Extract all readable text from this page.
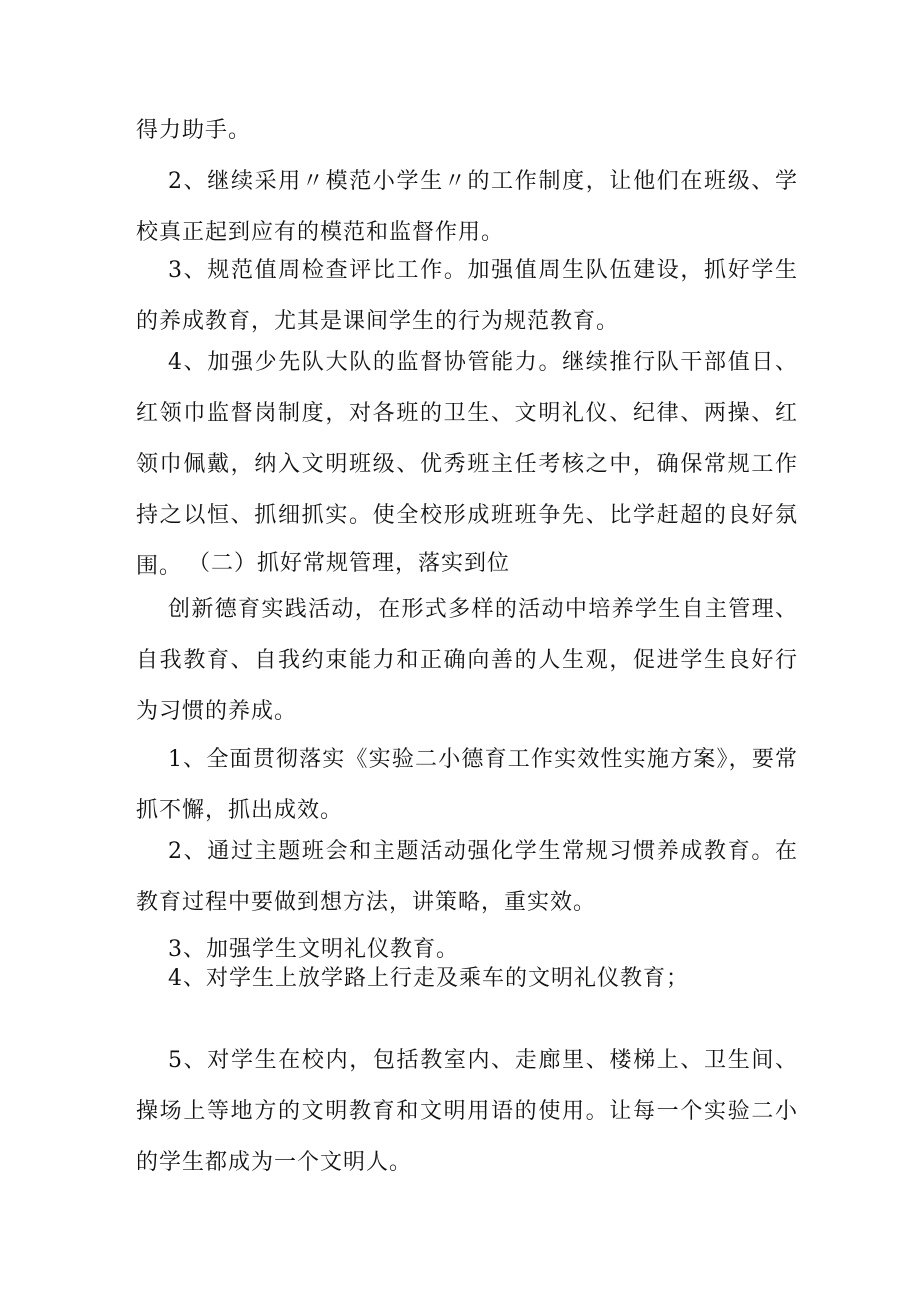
得力助手。

2、继续采用〃模范小学生〃的工作制度，让他们在班级、学校真正起到应有的模范和监督作用。

3、规范值周检查评比工作。加强值周生队伍建设，抓好学生的养成教育，尤其是课间学生的行为规范教育。

4、加强少先队大队的监督协管能力。继续推行队干部值日、红领巾监督岗制度，对各班的卫生、文明礼仪、纪律、两操、红领巾佩戴，纳入文明班级、优秀班主任考核之中，确保常规工作持之以恒、抓细抓实。使全校形成班班争先、比学赶超的良好氛围。 （二）抓好常规管理，落实到位

创新德育实践活动，在形式多样的活动中培养学生自主管理、自我教育、自我约束能力和正确向善的人生观，促进学生良好行为习惯的养成。

1、全面贯彻落实《实验二小德育工作实效性实施方案》，要常抓不懈，抓出成效。

2、通过主题班会和主题活动强化学生常规习惯养成教育。在教育过程中要做到想方法，讲策略，重实效。

3、加强学生文明礼仪教育。

4、对学生上放学路上行走及乘车的文明礼仪教育；

5、对学生在校内，包括教室内、走廊里、楼梯上、卫生间、操场上等地方的文明教育和文明用语的使用。让每一个实验二小的学生都成为一个文明人。
